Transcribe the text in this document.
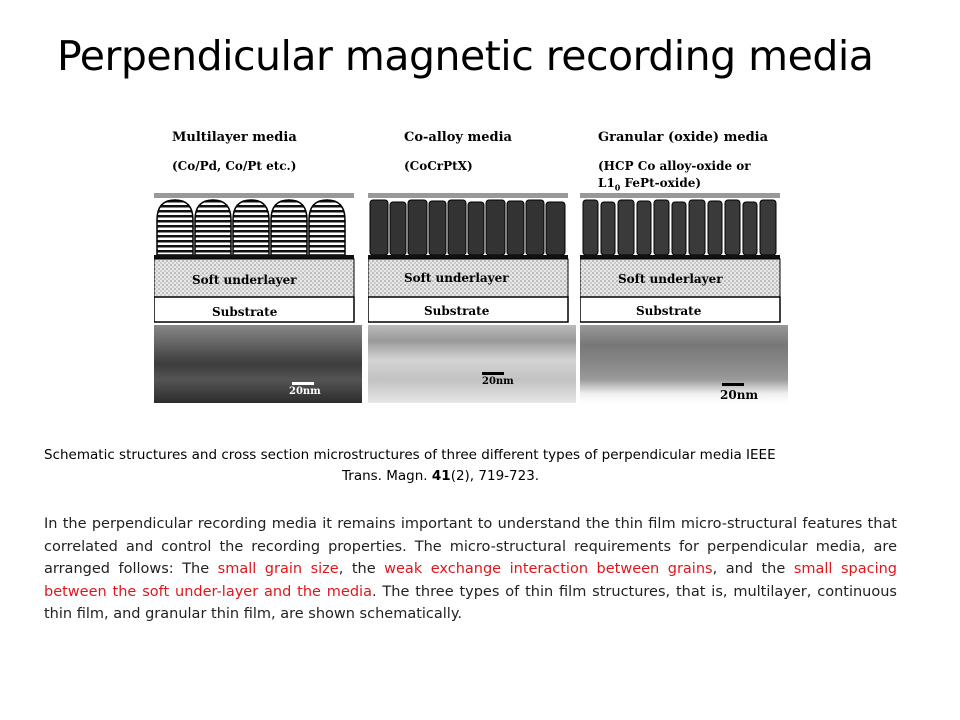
Perpendicular magnetic recording media
Multilayer media
(Co/Pd, Co/Pt etc.)
Soft underlayer
Substrate
20nm
Co-alloy media
(CoCrPtX)
Soft underlayer
Substrate
20nm
Granular (oxide) media
(HCP Co alloy-oxide or
$L1_0$ FePt-oxide)
Soft underlayer
Substrate
20nm
Schematic structures and cross section microstructures of three different types of perpendicular media IEEE
Trans. Magn. 41(2), 719-723.
In the perpendicular recording media it remains important to understand the thin film micro-structural features that correlated and control the recording properties. The micro-structural requirements for perpendicular media, are arranged follows: The small grain size, the weak exchange interaction between grains, and the small spacing between the soft under-layer and the media. The three types of thin film structures, that is, multilayer, continuous thin film, and granular thin film, are shown schematically.
